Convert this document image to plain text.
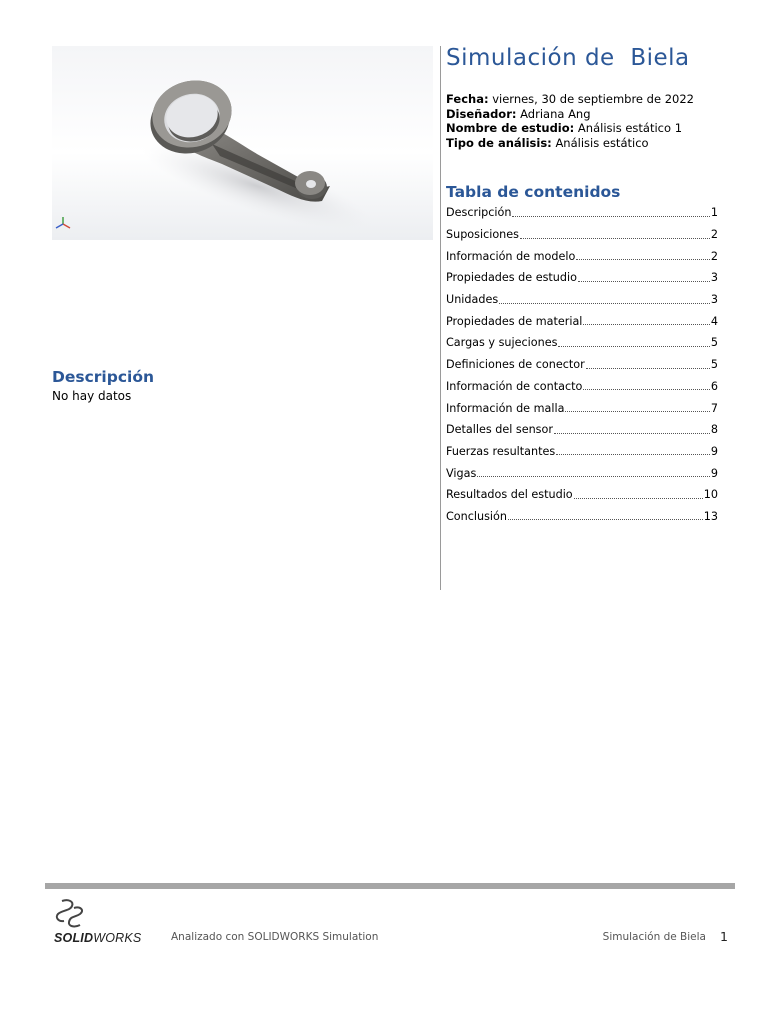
Simulación de  Biela
Fecha: viernes, 30 de septiembre de 2022
Diseñador: Adriana Ang
Nombre de estudio: Análisis estático 1
Tipo de análisis: Análisis estático
Tabla de contenidos
Descripción	1
Suposiciones	2
Información de modelo	2
Propiedades de estudio	3
Unidades	3
Propiedades de material	4
Cargas y sujeciones	5
Definiciones de conector	5
Información de contacto	6
Información de malla	7
Detalles del sensor	8
Fuerzas resultantes	9
Vigas	9
Resultados del estudio	10
Conclusión	13
Descripción
No hay datos
SOLIDWORKS	Analizado con SOLIDWORKS Simulation	Simulación de Biela 1
